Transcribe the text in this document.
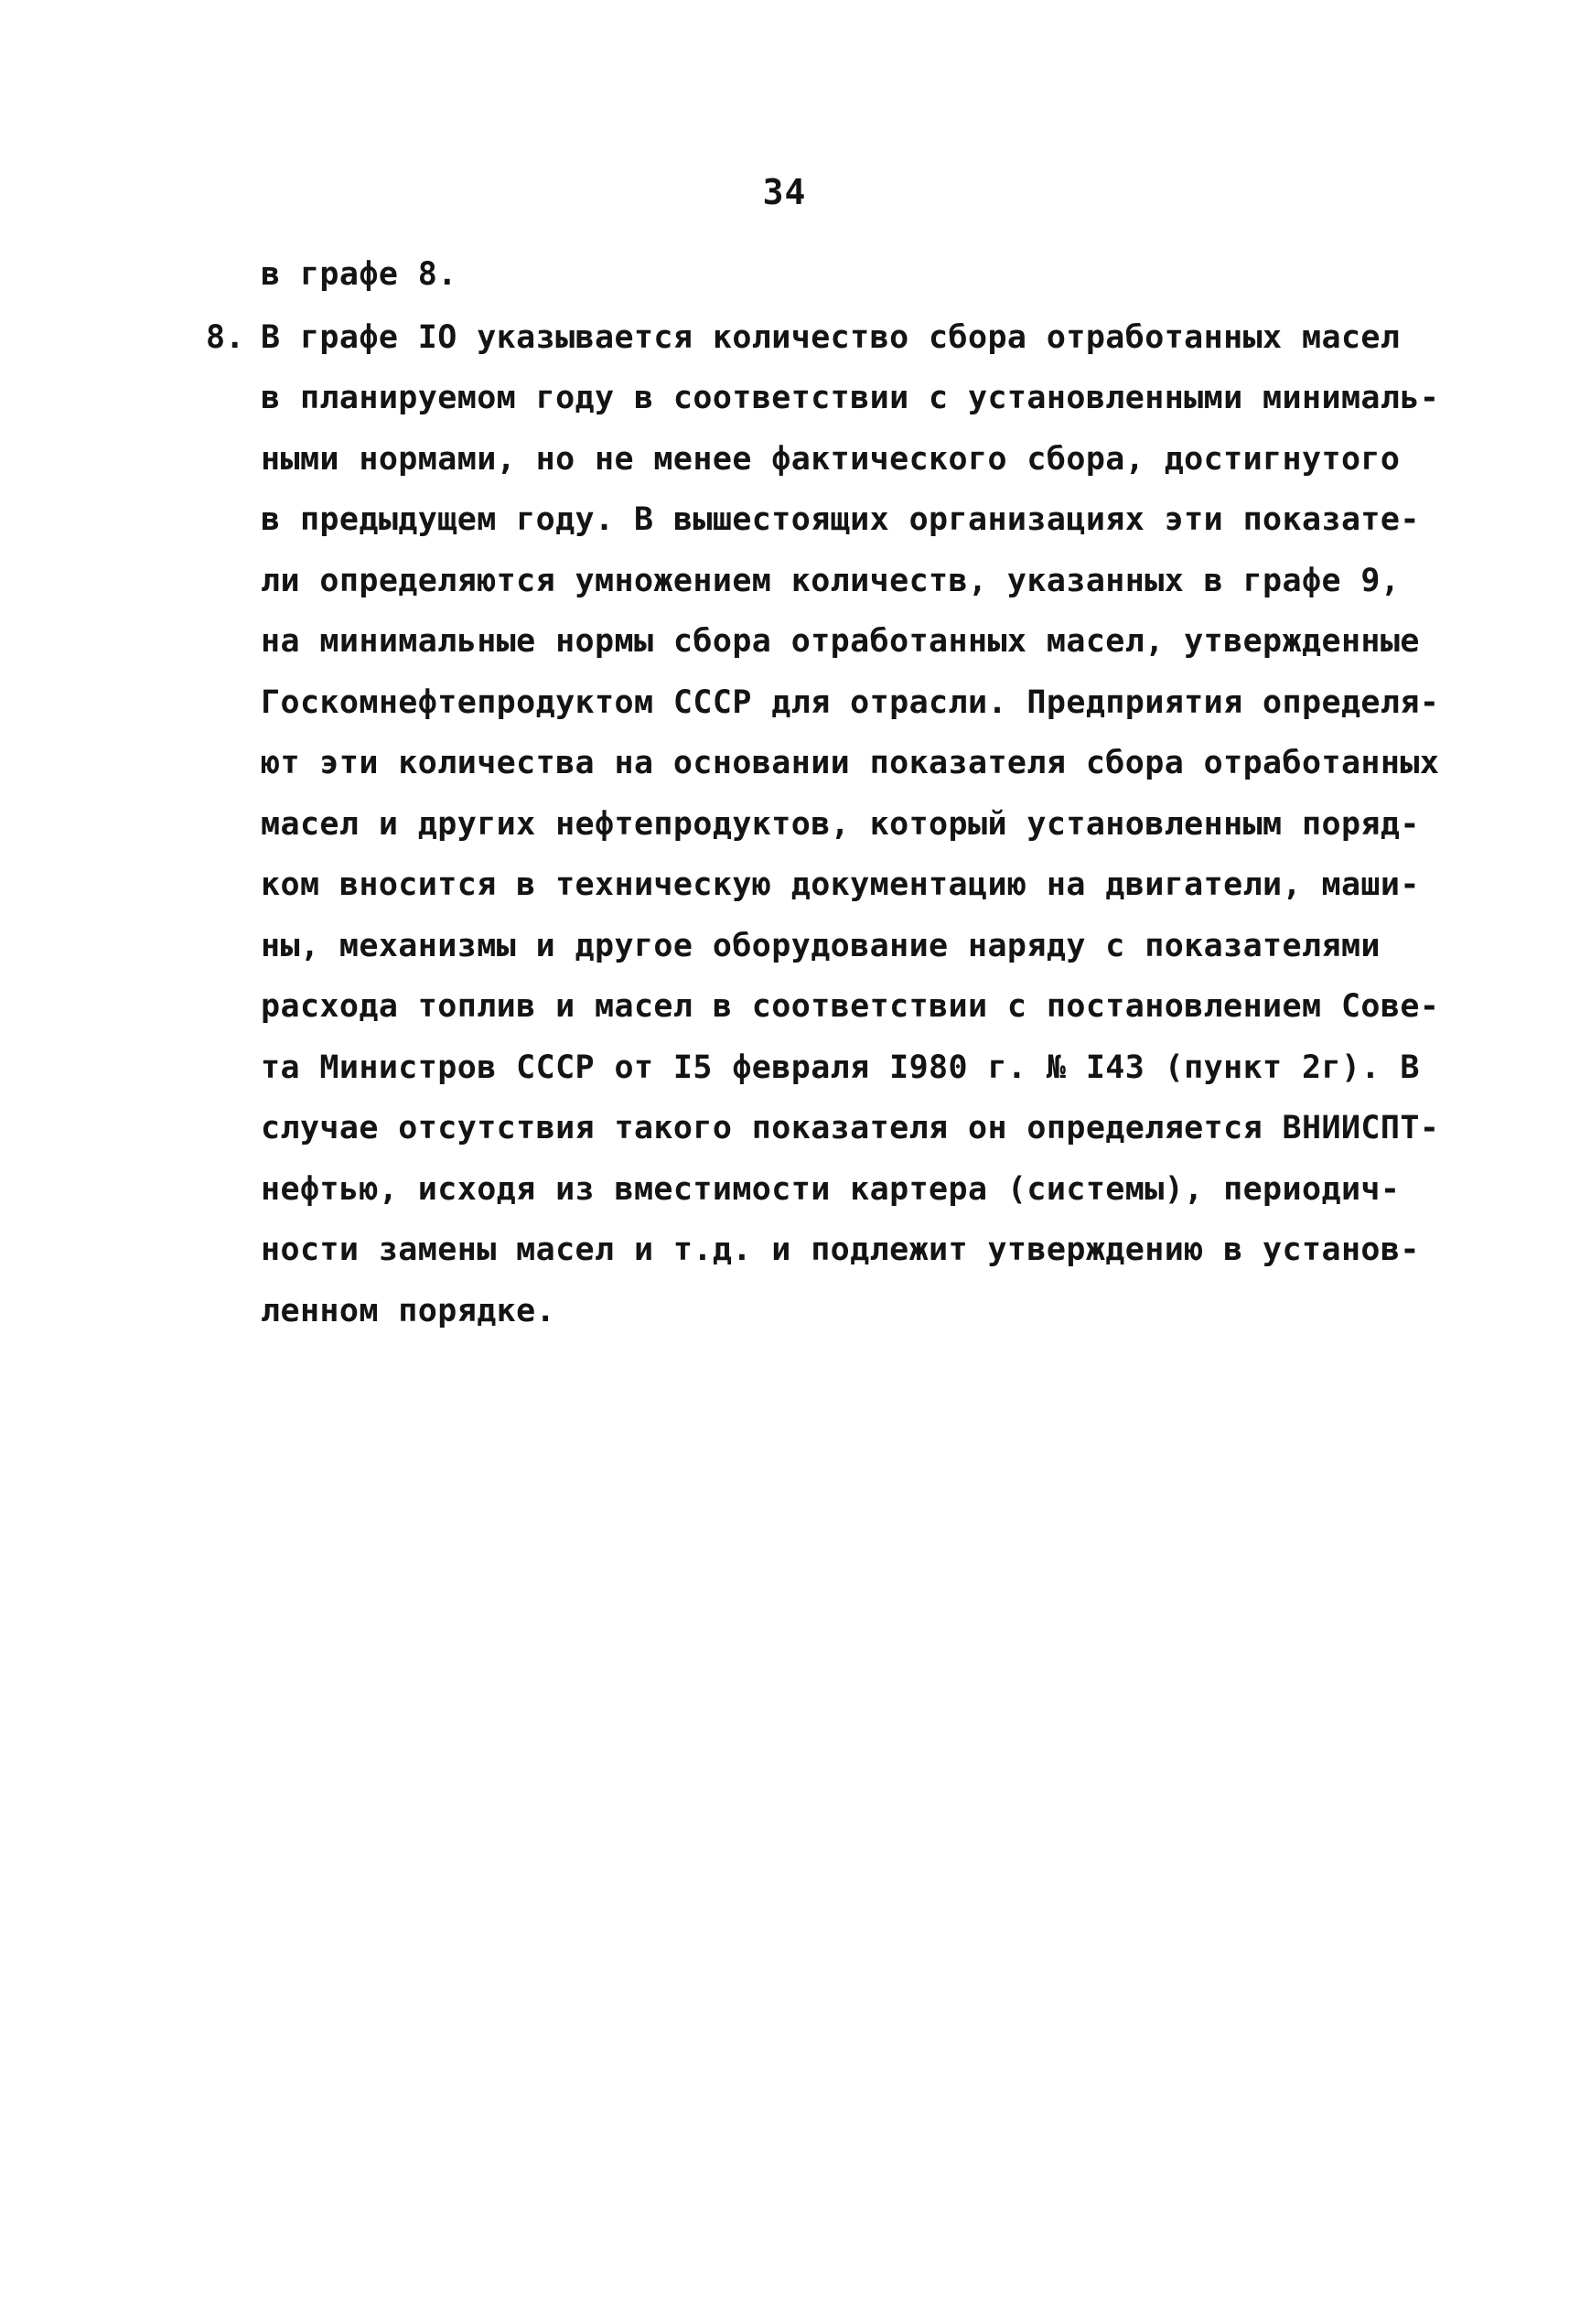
34
в графе 8.
8. В графе IO указывается количество сбора отработанных масел
в планируемом году в соответствии с установленными минималь-
ными нормами, но не менее фактического сбора, достигнутого
в предыдущем году. В вышестоящих организациях эти показате-
ли определяются умножением количеств, указанных в графе 9,
на минимальные нормы сбора отработанных масел, утвержденные
Госкомнефтепродуктом СССР для отрасли. Предприятия определя-
ют эти количества на основании показателя сбора отработанных
масел и других нефтепродуктов, который установленным поряд-
ком вносится в техническую документацию на двигатели, маши-
ны, механизмы и другое оборудование наряду с показателями
расхода топлив и масел в соответствии с постановлением Сове-
та Министров СССР от I5 февраля I980 г. № I43 (пункт 2г). В
случае отсутствия такого показателя он определяется ВНИИСПТ-
нефтью, исходя из вместимости картера (системы), периодич-
ности замены масел и т.д. и подлежит утверждению в установ-
ленном порядке.
